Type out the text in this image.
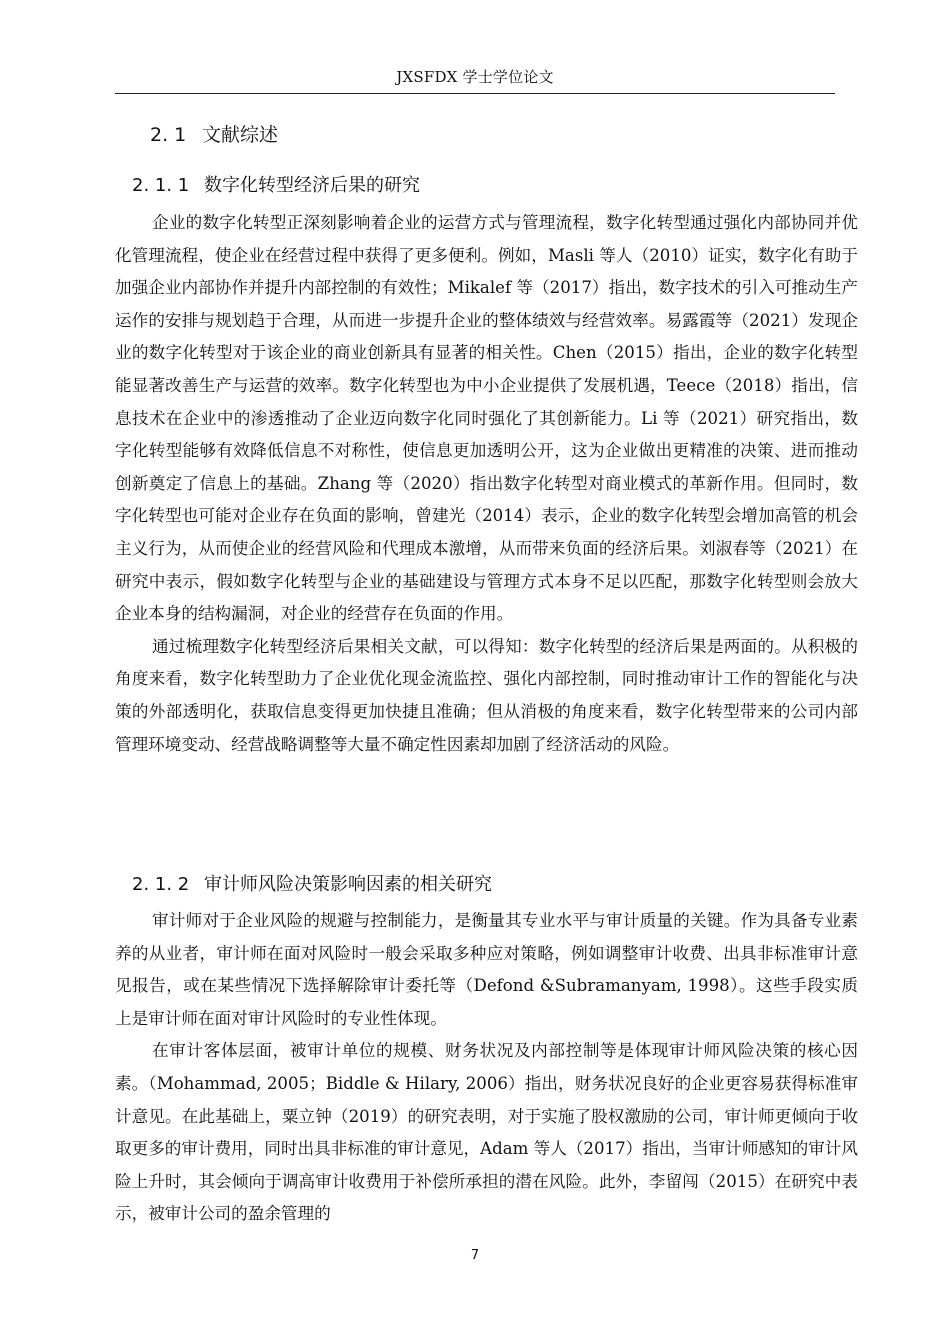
JXSFDX 学士学位论文
2. 1 文献综述
2. 1. 1 数字化转型经济后果的研究

企业的数字化转型正深刻影响着企业的运营方式与管理流程，数字化转型通过强化内部协同并优化管理流程，使企业在经营过程中获得了更多便利。例如，Masli 等人（2010）证实，数字化有助于加强企业内部协作并提升内部控制的有效性；Mikalef 等（2017）指出，数字技术的引入可推动生产运作的安排与规划趋于合理，从而进一步提升企业的整体绩效与经营效率。易露霞等（2021）发现企业的数字化转型对于该企业的商业创新具有显著的相关性。Chen（2015）指出，企业的数字化转型能显著改善生产与运营的效率。数字化转型也为中小企业提供了发展机遇，Teece（2018）指出，信息技术在企业中的渗透推动了企业迈向数字化同时强化了其创新能力。Li 等（2021）研究指出，数字化转型能够有效降低信息不对称性，使信息更加透明公开，这为企业做出更精准的决策、进而推动创新奠定了信息上的基础。Zhang 等（2020）指出数字化转型对商业模式的革新作用。但同时，数字化转型也可能对企业存在负面的影响，曾建光（2014）表示，企业的数字化转型会增加高管的机会主义行为，从而使企业的经营风险和代理成本激增，从而带来负面的经济后果。刘淑春等（2021）在研究中表示，假如数字化转型与企业的基础建设与管理方式本身不足以匹配，那数字化转型则会放大企业本身的结构漏洞，对企业的经营存在负面的作用。

通过梳理数字化转型经济后果相关文献，可以得知：数字化转型的经济后果是两面的。从积极的角度来看，数字化转型助力了企业优化现金流监控、强化内部控制，同时推动审计工作的智能化与决策的外部透明化，获取信息变得更加快捷且准确；但从消极的角度来看，数字化转型带来的公司内部管理环境变动、经营战略调整等大量不确定性因素却加剧了经济活动的风险。

2. 1. 2 审计师风险决策影响因素的相关研究

审计师对于企业风险的规避与控制能力，是衡量其专业水平与审计质量的关键。作为具备专业素养的从业者，审计师在面对风险时一般会采取多种应对策略，例如调整审计收费、出具非标准审计意见报告，或在某些情况下选择解除审计委托等（Defond &Subramanyam, 1998）。这些手段实质上是审计师在面对审计风险时的专业性体现。

在审计客体层面，被审计单位的规模、财务状况及内部控制等是体现审计师风险决策的核心因素。（Mohammad, 2005；Biddle & Hilary, 2006）指出，财务状况良好的企业更容易获得标准审计意见。在此基础上，粟立钟（2019）的研究表明，对于实施了股权激励的公司，审计师更倾向于收取更多的审计费用，同时出具非标准的审计意见，Adam 等人（2017）指出，当审计师感知的审计风险上升时，其会倾向于调高审计收费用于补偿所承担的潜在风险。此外，李留闯（2015）在研究中表示，被审计公司的盈余管理的

7
